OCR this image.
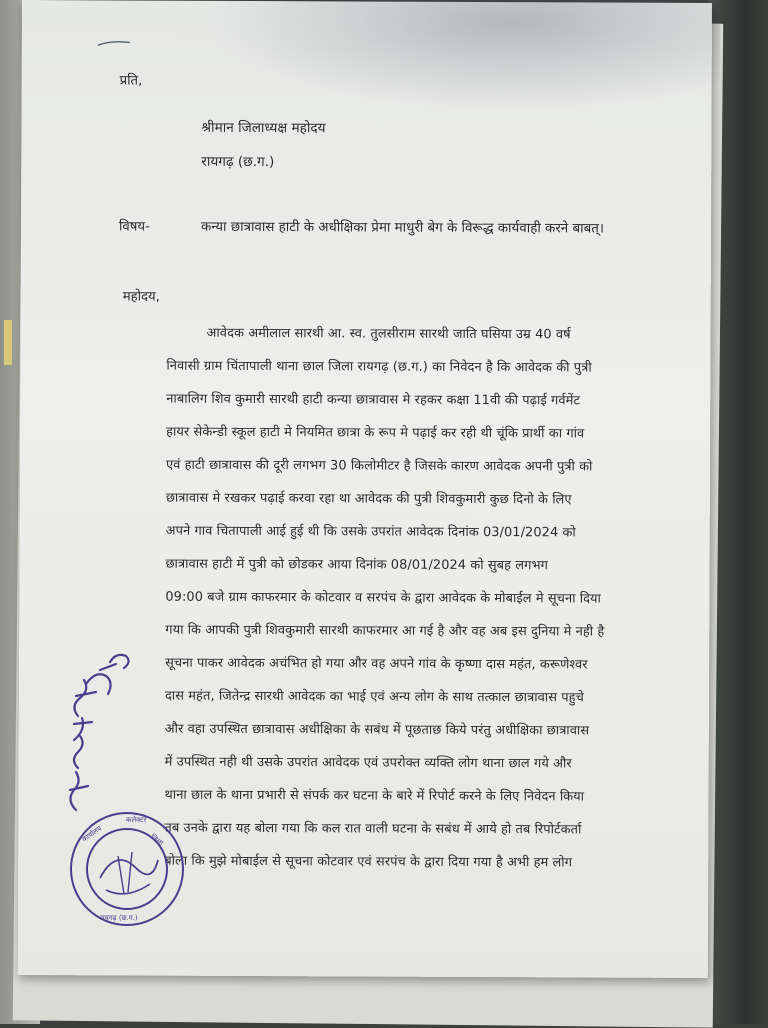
प्रति,
श्रीमान जिलाध्यक्ष महोदय
रायगढ़ (छ.ग.)
विषय-	कन्या छात्रावास हाटी के अधीक्षिका प्रेमा माधुरी बेग के विरूद्ध कार्यवाही करने बाबत्।
महोदय,
आवेदक अमीलाल सारथी आ. स्व. तुलसीराम सारथी जाति घसिया उम्र 40 वर्ष
निवासी ग्राम चिंतापाली थाना छाल जिला रायगढ़ (छ.ग.) का निवेदन है कि आवेदक की पुत्री
नाबालिग शिव कुमारी सारथी हाटी कन्या छात्रावास मे रहकर कक्षा 11वी की पढ़ाई गर्वमेंट
हायर सेकेन्डी स्कूल हाटी मे नियमित छात्रा के रूप मे पढ़ाई कर रही थी चूंकि प्रार्थी का गांव
एवं हाटी छात्रावास की दूरी लगभग 30 किलोमीटर है जिसके कारण आवेदक अपनी पुत्री को
छात्रावास मे रखकर पढ़ाई करवा रहा था आवेदक की पुत्री शिवकुमारी कुछ दिनो के लिए
अपने गाव चितापाली आई हुई थी कि उसके उपरांत आवेदक दिनांक 03/01/2024 को
छात्रावास हाटी में पुत्री को छोडकर आया दिनांक 08/01/2024 को सुबह लगभग
09:00 बजे ग्राम काफरमार के कोटवार व सरपंच के द्वारा आवेदक के मोबाईल मे सूचना दिया
गया कि आपकी पुत्री शिवकुमारी सारथी काफरमार आ गई है और वह अब इस दुनिया मे नही है
सूचना पाकर आवेदक अचंभित हो गया और वह अपने गांव के कृष्णा दास महंत, करूणेश्वर
दास महंत, जितेन्द्र सारथी आवेदक का भाई एवं अन्य लोग के साथ तत्काल छात्रावास पहुचे
और वहा उपस्थित छात्रावास अधीक्षिका के सबंध में पूछताछ किये परंतु अधीक्षिका छात्रावास
में उपस्थित नही थी उसके उपरांत आवेदक एवं उपरोक्त व्यक्ति लोग थाना छाल गये और
थाना छाल के थाना प्रभारी से संपर्क कर घटना के बारे में रिपोर्ट करने के लिए निवेदन किया
तब उनके द्वारा यह बोला गया कि कल रात वाली घटना के सबंध में आये हो तब रिपोर्टकर्ता
बोला कि मुझे मोबाईल से सूचना कोटवार एवं सरपंच के द्वारा दिया गया है अभी हम लोग
कार्यालय
कलेक्टर
जिला
रायगढ़ (छ.ग.)
